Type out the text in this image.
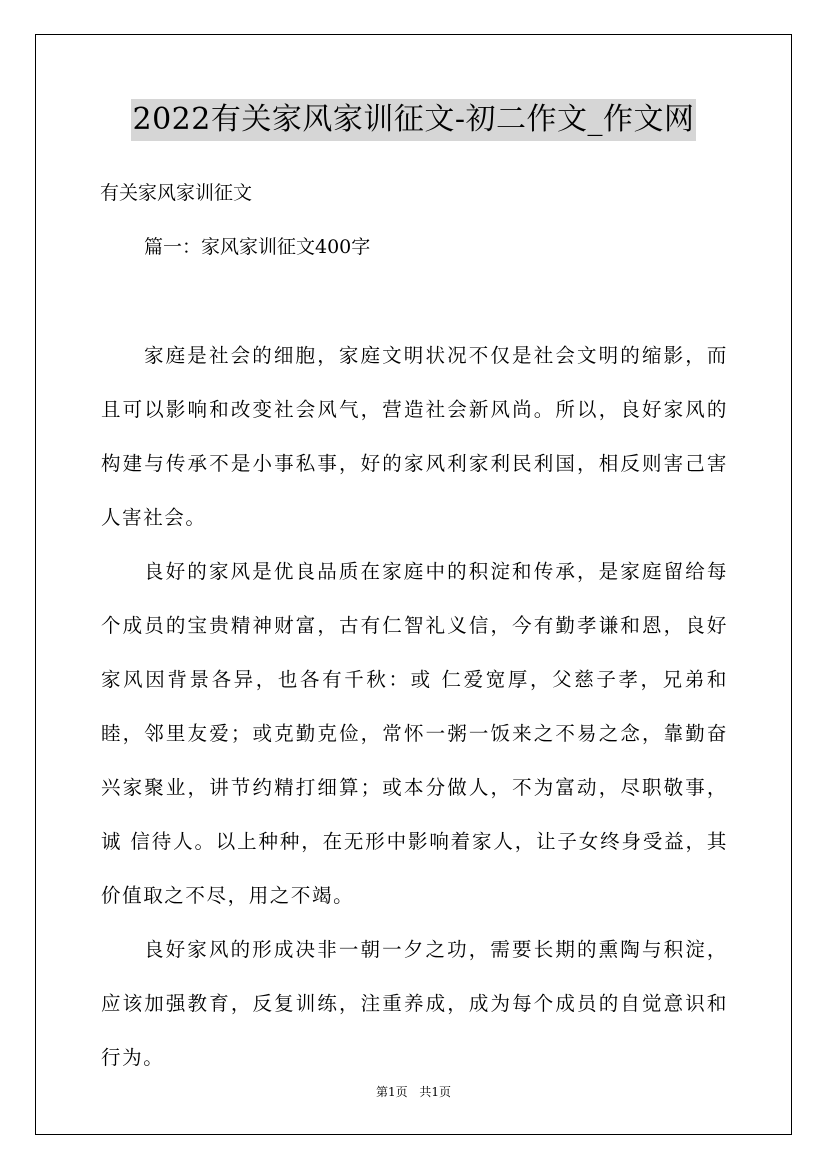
2022有关家风家训征文-初二作文_作文网
有关家风家训征文
篇一：家风家训征文400字

家庭是社会的细胞，家庭文明状况不仅是社会文明的缩影，而且可以影响和改变社会风气，营造社会新风尚。所以，良好家风的构建与传承不是小事私事，好的家风利家利民利国，相反则害己害人害社会。

良好的家风是优良品质在家庭中的积淀和传承，是家庭留给每个成员的宝贵精神财富，古有仁智礼义信，今有勤孝谦和恩，良好家风因背景各异，也各有千秋：或 仁爱宽厚，父慈子孝，兄弟和睦，邻里友爱；或克勤克俭，常怀一粥一饭来之不易之念，靠勤奋兴家聚业，讲节约精打细算；或本分做人，不为富动，尽职敬事，诚 信待人。以上种种，在无形中影响着家人，让子女终身受益，其价值取之不尽，用之不竭。

良好家风的形成决非一朝一夕之功，需要长期的熏陶与积淀，应该加强教育，反复训练，注重养成，成为每个成员的自觉意识和行为。

第1页 共1页
